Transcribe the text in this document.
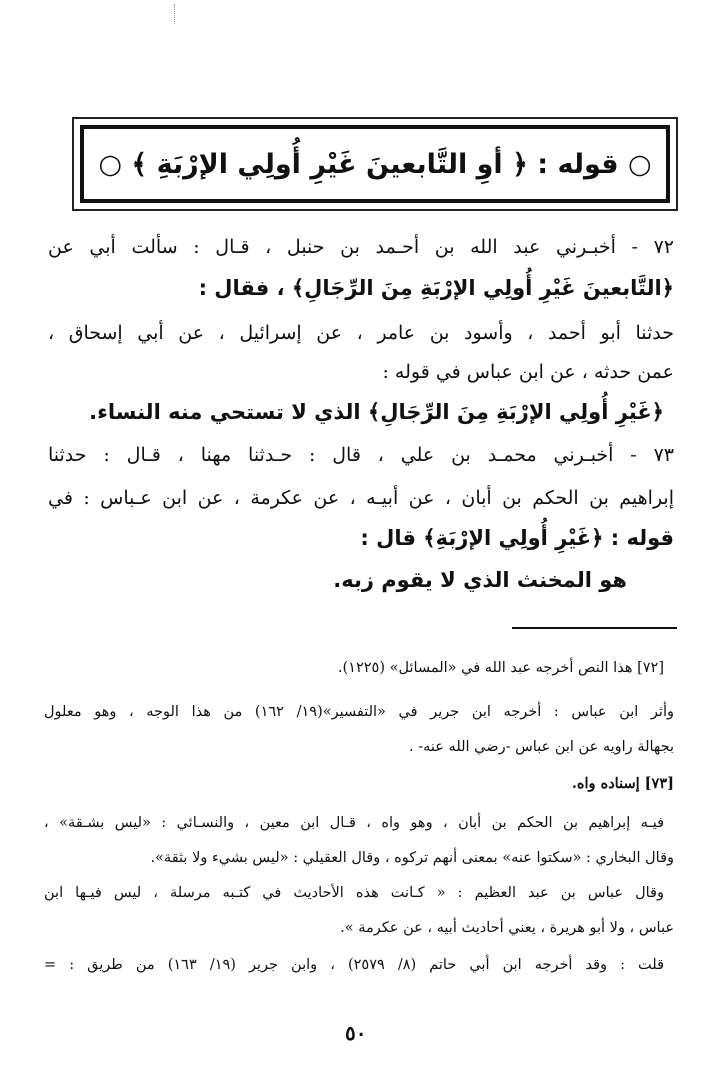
○ قوله : ﴿ أوِ التَّابعينَ غَيْرِ أُولِي الإرْبَةِ ﴾ ○
٧٢ - أخبـرني عبد الله بن أحـمد بن حنبل ، قـال : سألت أبي عن
﴿التَّابعينَ غَيْرِ أُولِي الإرْبَةِ مِنَ الرِّجَالِ﴾ ، فقال :
حدثنا أبو أحمد ، وأسود بن عامر ، عن إسرائيل ، عن أبي إسحاق ،
عمن حدثه ، عن ابن عباس في قوله :
﴿غَيْرِ أُولِي الإرْبَةِ مِنَ الرِّجَالِ﴾ الذي لا تستحي منه النساء.
٧٣ - أخبـرني محمـد بن علي ، قال : حـدثنا مهنا ، قـال : حدثنا
إبراهيم بن الحكم بن أبان ، عن أبيـه ، عن عكرمة ، عن ابن عـباس : في
قوله : ﴿غَيْرِ أُولِي الإرْبَةِ﴾ قال :
هو المخنث الذي لا يقوم زبه.
[٧٢] هذا النص أخرجه عبد الله في «المسائل» (١٢٢٥).
وأثر ابن عباس : أخرجه ابن جرير في «التفسير»(١٩/ ١٦٢) من هذا الوجه ، وهو معلول
بجهالة راويه عن ابن عباس -رضي الله عنه- .
[٧٣] إسناده واه.
فيـه إبراهيم بن الحكم بن أبان ، وهو واه ، قـال ابن معين ، والنسـائي : «ليس بشـقة» ،
وقال البخاري : «سكتوا عنه» بمعنى أنهم تركوه ، وقال العقيلي : «ليس بشيء ولا بثقة».
وقال عباس بن عبد العظيم : « كـانت هذه الأحاديث في كتـبه مرسلة ، ليس فيـها ابن
عباس ، ولا أبو هريرة ، يعني أحاديث أبيه ، عن عكرمة ».
قلت : وقد أخرجه ابن أبي حاتم (٨/ ٢٥٧٩) ، وابن جرير (١٩/ ١٦٣) من طريق : =
٥٠
